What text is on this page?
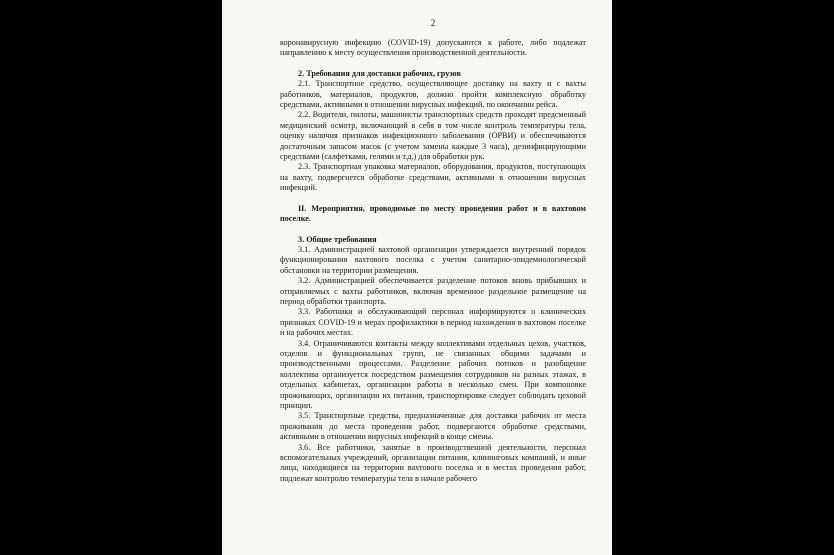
2

коронавирусную инфекцию (COVID-19) допускаются к работе, либо подлежат направлению к месту осуществления производственной деятельности.

2. Требования для доставки рабочих, грузов

2.1. Транспортное средство, осуществляющее доставку на вахту и с вахты работников, материалов, продуктов, должно пройти комплексную обработку средствами, активными в отношении вирусных инфекций, по окончании рейса.

2.2. Водители, пилоты, машинисты транспортных средств проходят предсменный медицинский осмотр, включающий в себя в том числе контроль температуры тела, оценку наличия признаков инфекционного заболевания (ОРВИ) и обеспечиваются достаточным запасом масок (с учетом замены каждые 3 часа), дезинфицирующими средствами (салфетками, гелями и т.д.) для обработки рук.

2.3. Транспортная упаковка материалов, оборудования, продуктов, поступающих на вахту, подвергнется обработке средствами, активными в отношении вирусных инфекций.

II. Мероприятия, проводимые по месту проведения работ и в вахтовом поселке.

3. Общие требования

3.1. Администрацией вахтовой организации утверждается внутренний порядок функционирования вахтового поселка с учетом санитарно-эпидемиологической обстановки на территории размещения.

3.2. Администрацией обеспечивается разделение потоков вновь прибывших и отправляемых с вахты работников, включая временное раздельное размещение на период обработки транспорта.

3.3. Работники и обслуживающий персонал информируются о клинических признаках COVID-19 и мерах профилактики в период нахождения в вахтовом поселке и на рабочих местах.

3.4. Ограничиваются контакты между коллективами отдельных цехов, участков, отделов и функциональных групп, не связанных общими задачами и производственными процессами. Разделение рабочих потоков и разобщение коллектива организуется посредством размещения сотрудников на разных этажах, в отдельных кабинетах, организации работы в несколько смен. При компоновке проживающих, организации их питания, транспортировке следует соблюдать цеховой принцип.

3.5. Транспортные средства, предназначенные для доставки рабочих от места проживания до места проведения работ, подвергаются обработке средствами, активными в отношении вирусных инфекций в конце смены.

3.6. Все работники, занятые в производственной деятельности, персонал вспомогательных учреждений, организации питания, клининговых компаний, и иные лица, находящиеся на территории вахтового поселка и в местах проведения работ, подлежат контролю температуры тела в начале рабочего
